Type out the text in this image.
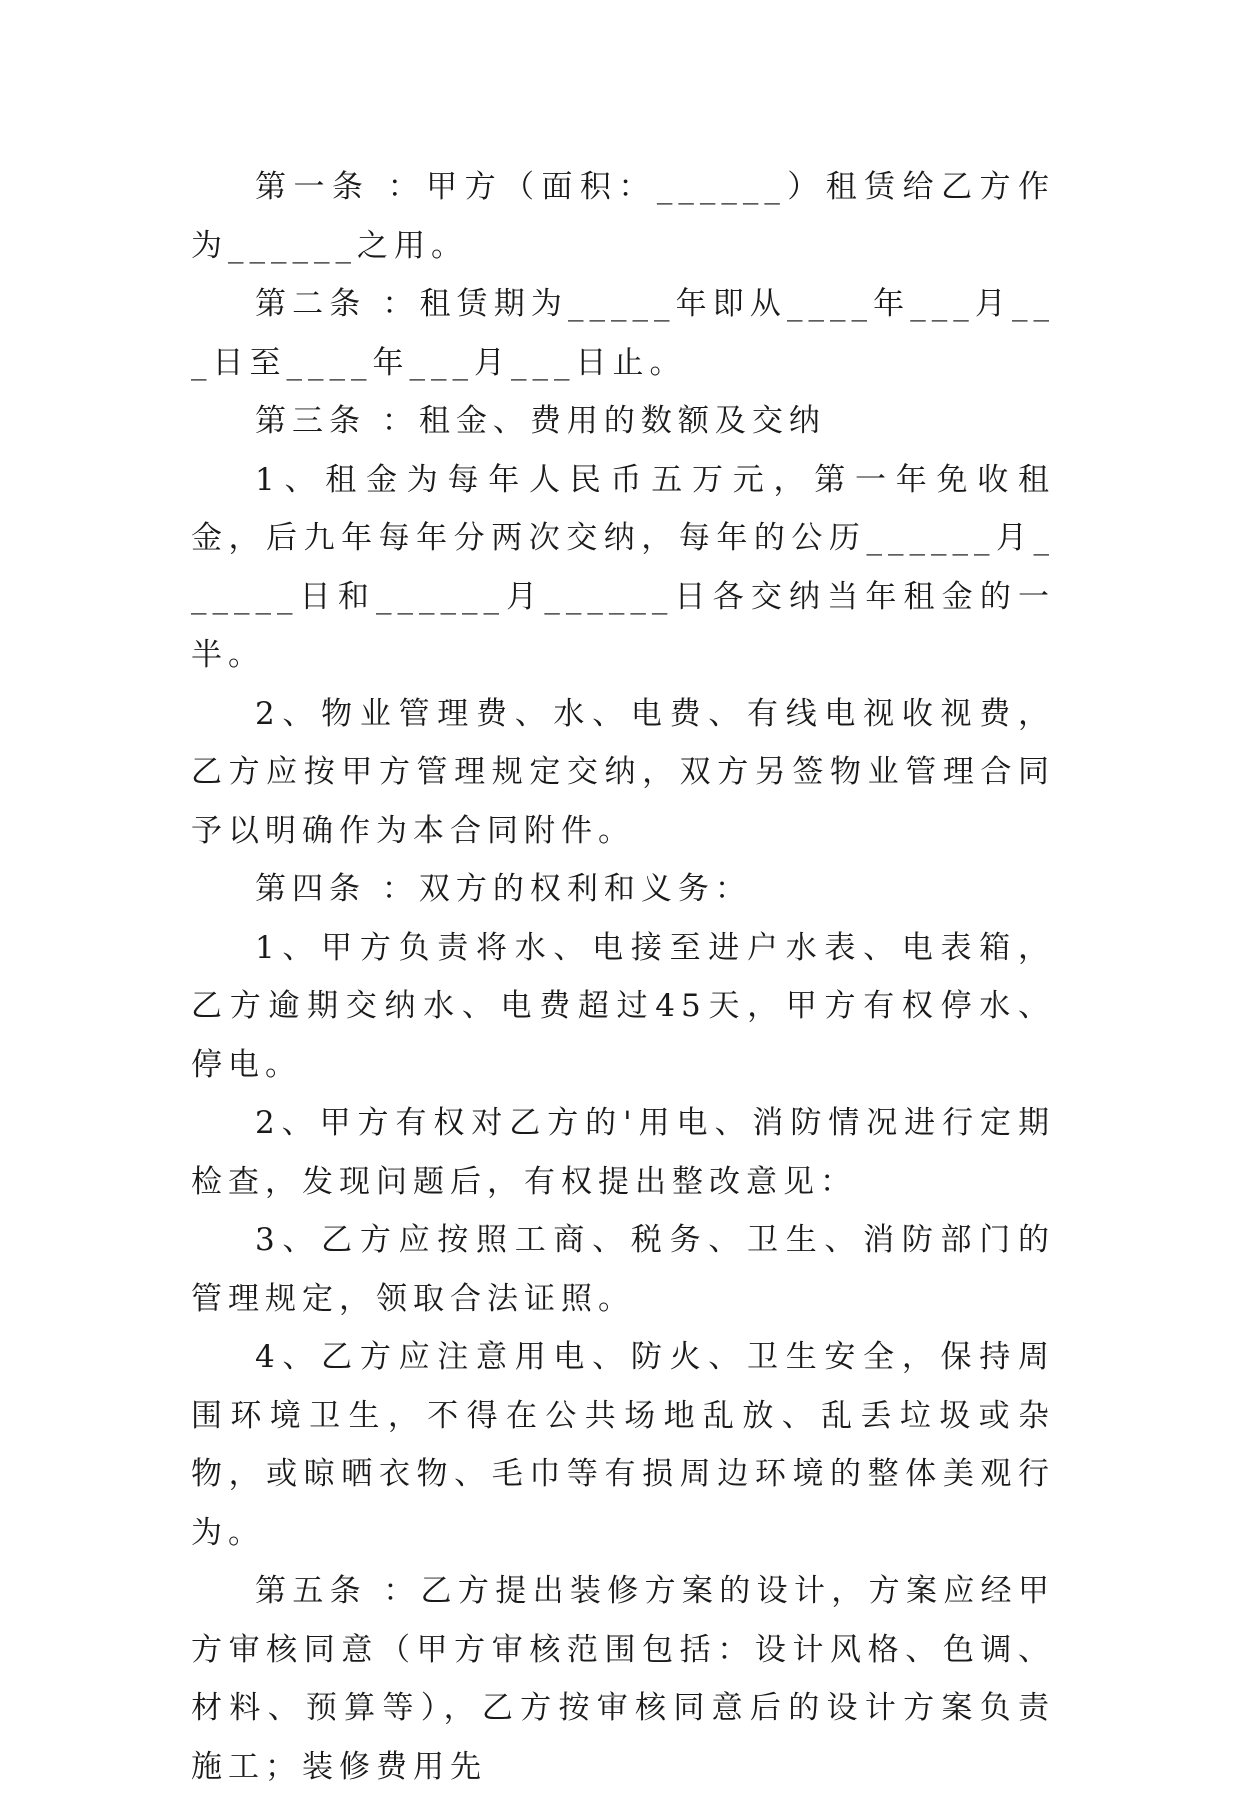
第一条 ：甲方（面积：______）租赁给乙方作为______之用。

第二条 ：租赁期为_____年即从____年___月___日至____年___月___日止。

第三条 ：租金、费用的数额及交纳

1、租金为每年人民币五万元，第一年免收租金，后九年每年分两次交纳，每年的公历______月______日和______月______日各交纳当年租金的一半。

2、物业管理费、水、电费、有线电视收视费，乙方应按甲方管理规定交纳，双方另签物业管理合同予以明确作为本合同附件。

第四条 ：双方的权利和义务：

1、甲方负责将水、电接至进户水表、电表箱，乙方逾期交纳水、电费超过45天，甲方有权停水、停电。

2、甲方有权对乙方的'用电、消防情况进行定期检查，发现问题后，有权提出整改意见：

3、乙方应按照工商、税务、卫生、消防部门的管理规定，领取合法证照。

4、乙方应注意用电、防火、卫生安全，保持周围环境卫生，不得在公共场地乱放、乱丢垃圾或杂物，或晾晒衣物、毛巾等有损周边环境的整体美观行为。

第五条 ：乙方提出装修方案的设计，方案应经甲方审核同意（甲方审核范围包括：设计风格、色调、材料、预算等），乙方按审核同意后的设计方案负责施工；装修费用先
